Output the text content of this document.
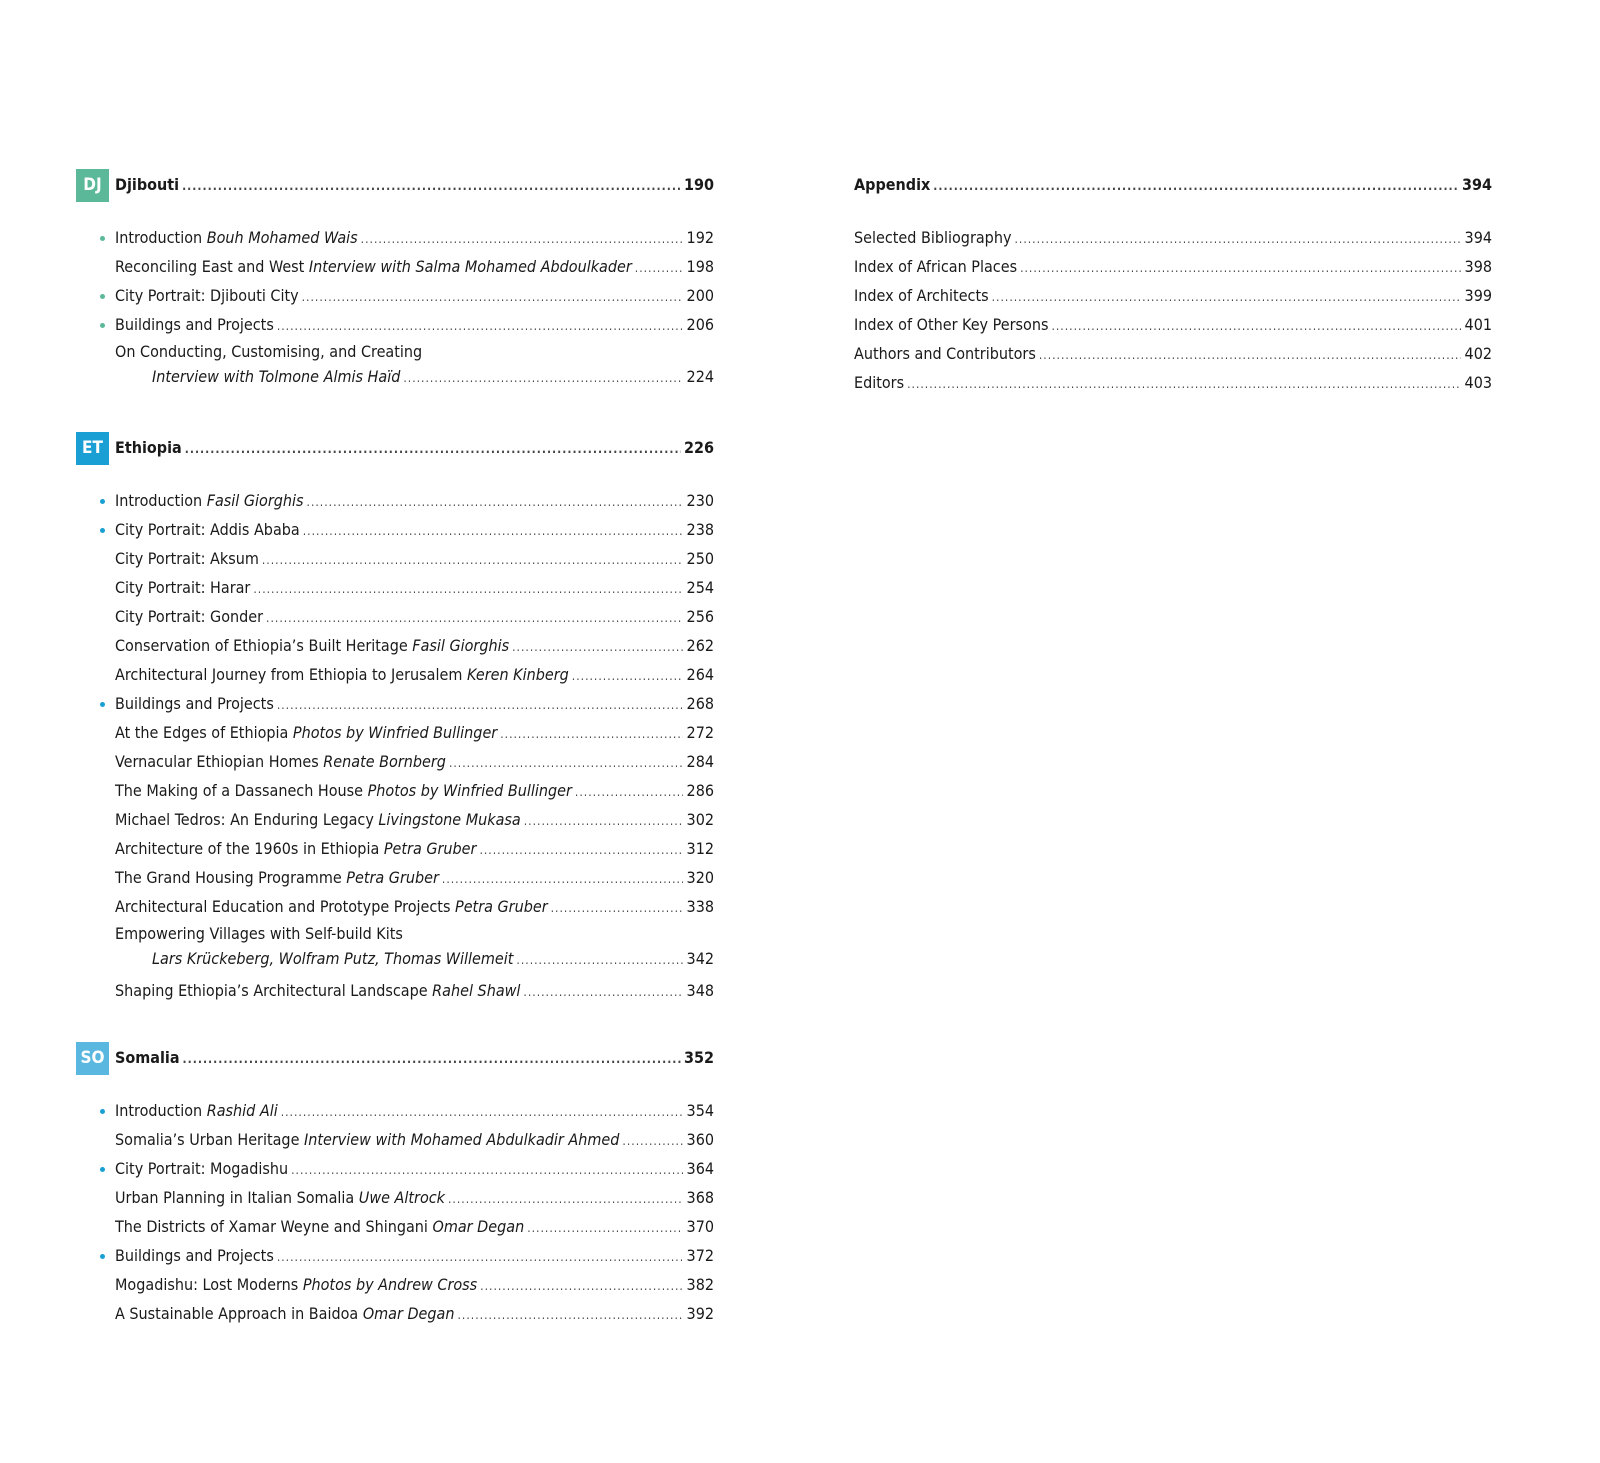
DJ Djibouti .....	190
Introduction
Bouh Mohamed Wais .....	192
Reconciling East and West
Interview with Salma Mohamed Abdoulkader .....	198
City Portrait: Djibouti City .....	200
Buildings and Projects .....	206
On Conducting, Customising, and Creating
Interview with Tolmone Almis Haïd .....	224
ET Ethiopia .....	226
Introduction
Fasil Giorghis .....	230
City Portrait: Addis Ababa .....	238
City Portrait: Aksum .....	250
City Portrait: Harar .....	254
City Portrait: Gonder .....	256
Conservation of Ethiopia’s Built Heritage
Fasil Giorghis .....	262
Architectural Journey from Ethiopia to Jerusalem
Keren Kinberg .....	264
Buildings and Projects .....	268
At the Edges of Ethiopia
Photos by Winfried Bullinger .....	272
Vernacular Ethiopian Homes
Renate Bornberg .....	284
The Making of a Dassanech House
Photos by Winfried Bullinger .....	286
Michael Tedros: An Enduring Legacy
Livingstone Mukasa .....	302
Architecture of the 1960s in Ethiopia
Petra Gruber .....	312
The Grand Housing Programme
Petra Gruber .....	320
Architectural Education and Prototype Projects
Petra Gruber .....	338
Empowering Villages with Self-build Kits
Lars Krückeberg, Wolfram Putz, Thomas Willemeit .....	342
Shaping Ethiopia’s Architectural Landscape
Rahel Shawl .....	348
SO Somalia .....	352
Introduction
Rashid Ali .....	354
Somalia’s Urban Heritage
Interview with Mohamed Abdulkadir Ahmed .....	360
City Portrait: Mogadishu .....	364
Urban Planning in Italian Somalia
Uwe Altrock .....	368
The Districts of Xamar Weyne and Shingani
Omar Degan .....	370
Buildings and Projects .....	372
Mogadishu: Lost Moderns
Photos by Andrew Cross .....	382
A Sustainable Approach in Baidoa
Omar Degan .....	392
Appendix .....	394
Selected Bibliography .....	394
Index of African Places .....	398
Index of Architects .....	399
Index of Other Key Persons .....	401
Authors and Contributors .....	402
Editors .....	403
